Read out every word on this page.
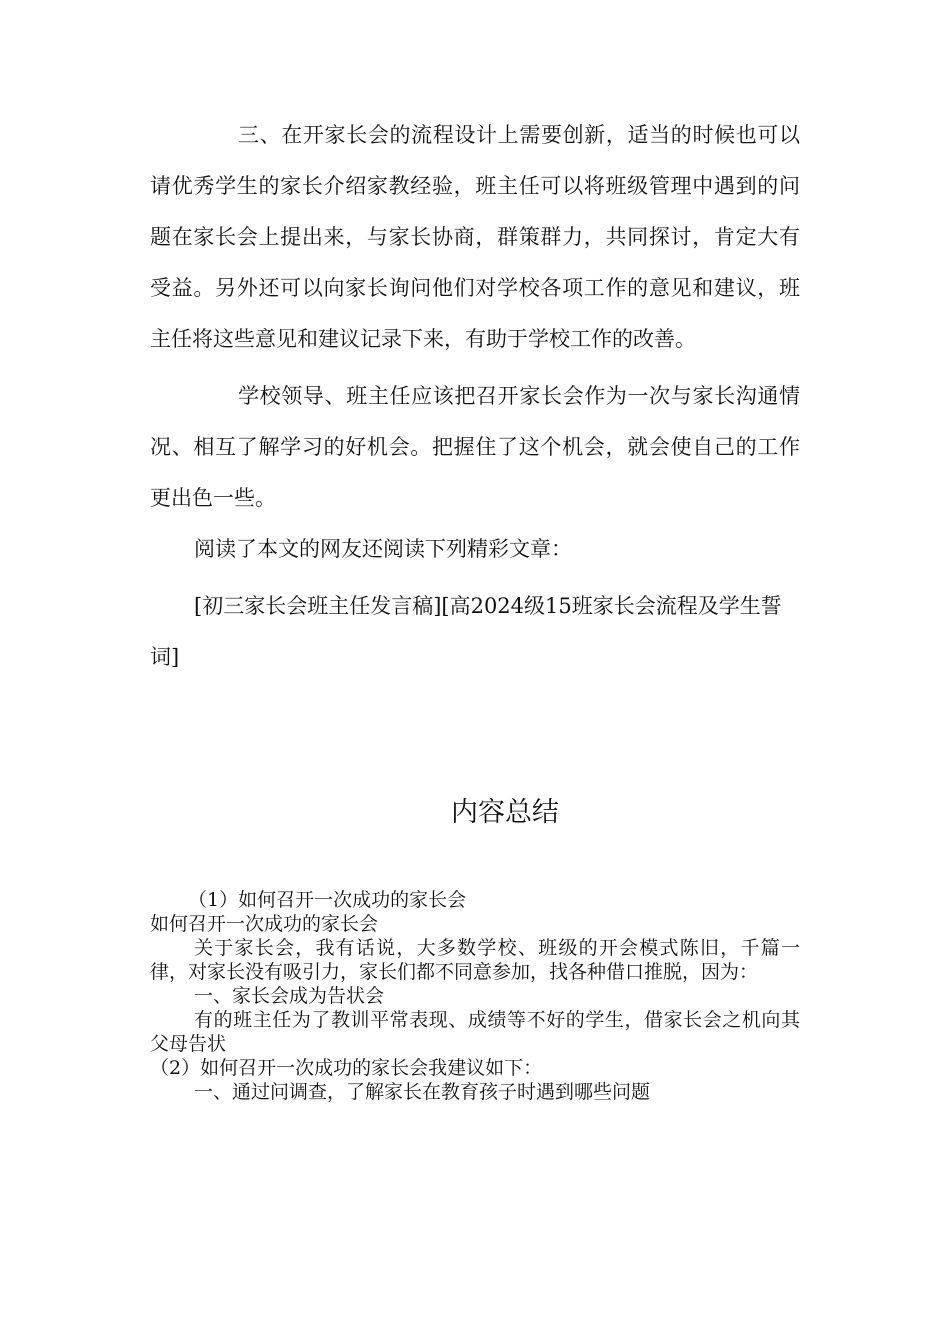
三、在开家长会的流程设计上需要创新，适当的时候也可以请优秀学生的家长介绍家教经验，班主任可以将班级管理中遇到的问题在家长会上提出来，与家长协商，群策群力，共同探讨，肯定大有受益。另外还可以向家长询问他们对学校各项工作的意见和建议，班主任将这些意见和建议记录下来，有助于学校工作的改善。

学校领导、班主任应该把召开家长会作为一次与家长沟通情况、相互了解学习的好机会。把握住了这个机会，就会使自己的工作更出色一些。

阅读了本文的网友还阅读下列精彩文章：

[初三家长会班主任发言稿][高2024级15班家长会流程及学生誓词]

内容总结

（1）如何召开一次成功的家长会

如何召开一次成功的家长会

关于家长会，我有话说，大多数学校、班级的开会模式陈旧，千篇一律，对家长没有吸引力，家长们都不同意参加，找各种借口推脱，因为：

一、家长会成为告状会

有的班主任为了教训平常表现、成绩等不好的学生，借家长会之机向其父母告状

（2）如何召开一次成功的家长会我建议如下：

一、通过问调查，了解家长在教育孩子时遇到哪些问题
